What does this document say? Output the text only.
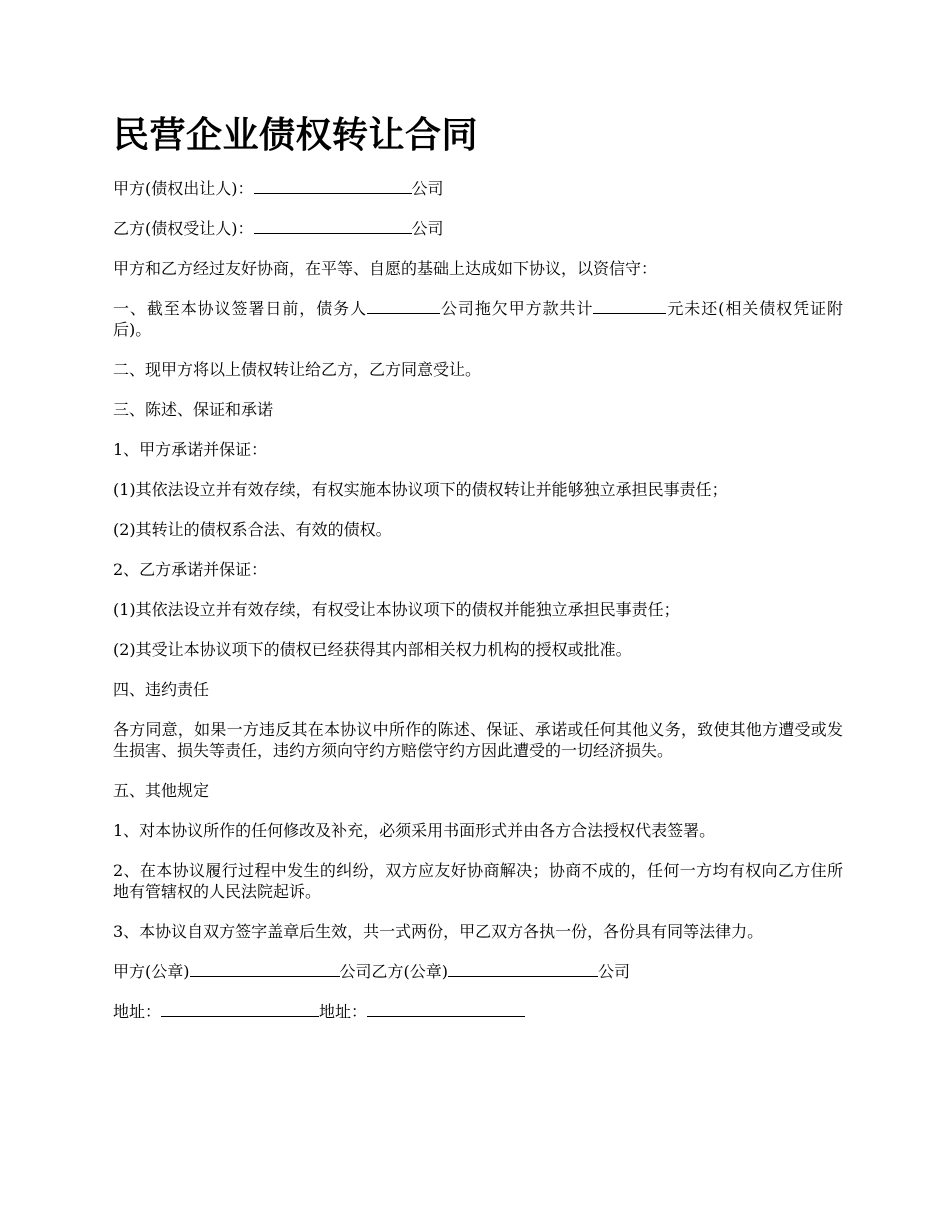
民营企业债权转让合同

甲方(债权出让人)：	公司

乙方(债权受让人)：	公司

甲方和乙方经过友好协商，在平等、自愿的基础上达成如下协议，以资信守：

一、截至本协议签署日前，债务人	公司拖欠甲方款共计	元未还(相关债权凭证附后)。

二、现甲方将以上债权转让给乙方，乙方同意受让。

三、陈述、保证和承诺

1、甲方承诺并保证：

(1)其依法设立并有效存续，有权实施本协议项下的债权转让并能够独立承担民事责任；

(2)其转让的债权系合法、有效的债权。

2、乙方承诺并保证：

(1)其依法设立并有效存续，有权受让本协议项下的债权并能独立承担民事责任；

(2)其受让本协议项下的债权已经获得其内部相关权力机构的授权或批准。

四、违约责任

各方同意，如果一方违反其在本协议中所作的陈述、保证、承诺或任何其他义务，致使其他方遭受或发生损害、损失等责任，违约方须向守约方赔偿守约方因此遭受的一切经济损失。

五、其他规定

1、对本协议所作的任何修改及补充，必须采用书面形式并由各方合法授权代表签署。

2、在本协议履行过程中发生的纠纷，双方应友好协商解决；协商不成的，任何一方均有权向乙方住所地有管辖权的人民法院起诉。

3、本协议自双方签字盖章后生效，共一式两份，甲乙双方各执一份，各份具有同等法律力。

甲方(公章)	公司乙方(公章)	公司

地址：	地址：
